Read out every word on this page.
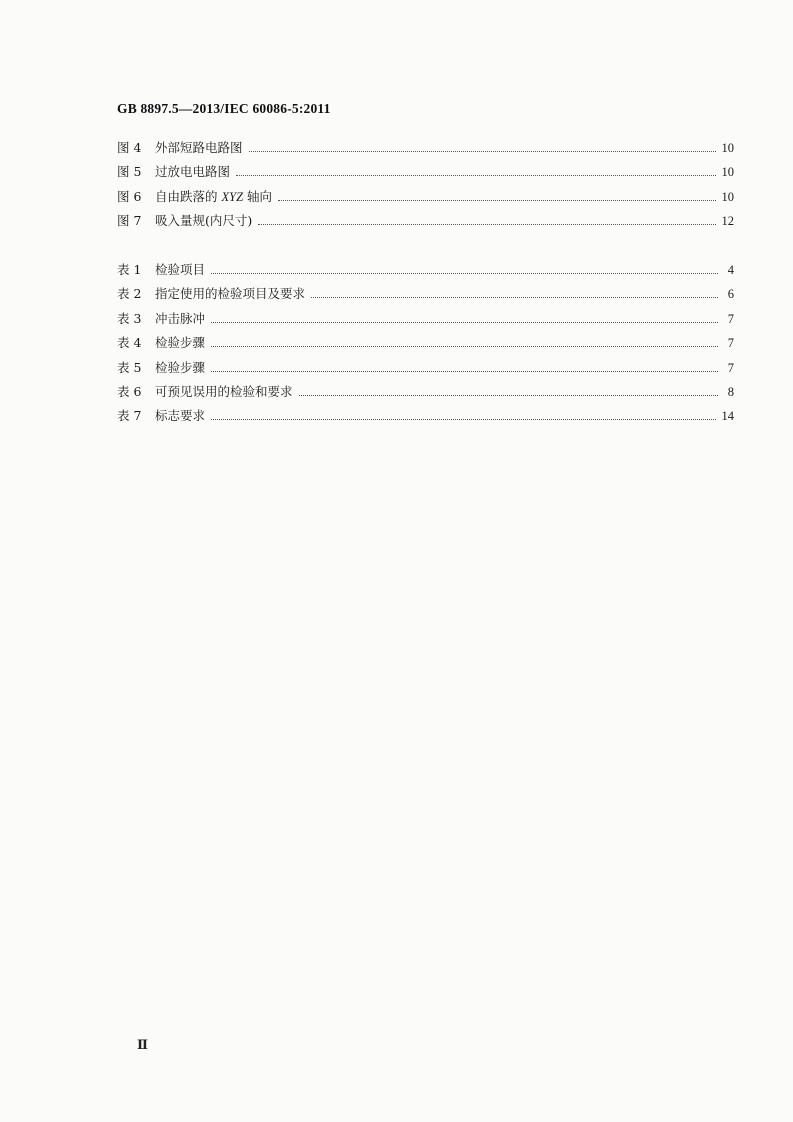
GB 8897.5—2013/IEC 60086-5:2011
图 4	外部短路电路图	10
图 5	过放电电路图	10
图 6	自由跌落的 XYZ 轴向	10
图 7	吸入量规(内尺寸)	12
表 1	检验项目	4
表 2	指定使用的检验项目及要求	6
表 3	冲击脉冲	7
表 4	检验步骤	7
表 5	检验步骤	7
表 6	可预见误用的检验和要求	8
表 7	标志要求	14
Ⅱ
